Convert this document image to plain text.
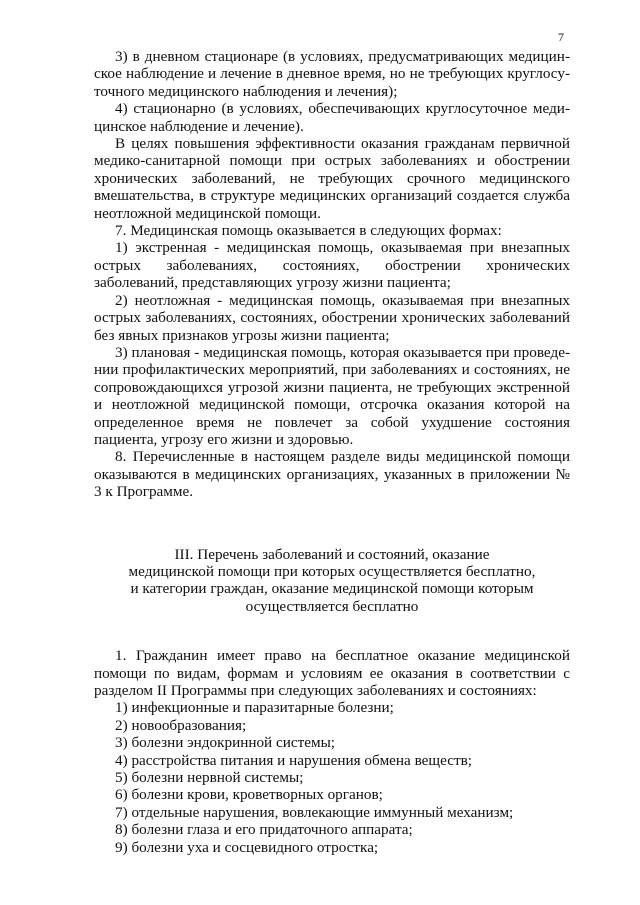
7

3) в дневном стационаре (в условиях, предусматривающих медицинское наблюдение и лечение в дневное время, но не требующих круглосуточного медицинского наблюдения и лечения);

4) стационарно (в условиях, обеспечивающих круглосуточное медицинское наблюдение и лечение).

В целях повышения эффективности оказания гражданам первичной медико-санитарной помощи при острых заболеваниях и обострении хронических заболеваний, не требующих срочного медицинского вмешательства, в структуре медицинских организаций создается служба неотложной медицинской помощи.

7. Медицинская помощь оказывается в следующих формах:

1) экстренная - медицинская помощь, оказываемая при внезапных острых заболеваниях, состояниях, обострении хронических заболеваний, представляющих угрозу жизни пациента;

2) неотложная - медицинская помощь, оказываемая при внезапных острых заболеваниях, состояниях, обострении хронических заболеваний без явных признаков угрозы жизни пациента;

3) плановая - медицинская помощь, которая оказывается при проведении профилактических мероприятий, при заболеваниях и состояниях, не сопровождающихся угрозой жизни пациента, не требующих экстренной и неотложной медицинской помощи, отсрочка оказания которой на определенное время не повлечет за собой ухудшение состояния пациента, угрозу его жизни и здоровью.

8. Перечисленные в настоящем разделе виды медицинской помощи оказываются в медицинских организациях, указанных в приложении № 3 к Программе.

III. Перечень заболеваний и состояний, оказание
медицинской помощи при которых осуществляется бесплатно,
и категории граждан, оказание медицинской помощи которым
осуществляется бесплатно

1. Гражданин имеет право на бесплатное оказание медицинской помощи по видам, формам и условиям ее оказания в соответствии с разделом II Программы при следующих заболеваниях и состояниях:

1) инфекционные и паразитарные болезни;
2) новообразования;
3) болезни эндокринной системы;
4) расстройства питания и нарушения обмена веществ;
5) болезни нервной системы;
6) болезни крови, кроветворных органов;
7) отдельные нарушения, вовлекающие иммунный механизм;
8) болезни глаза и его придаточного аппарата;
9) болезни уха и сосцевидного отростка;
